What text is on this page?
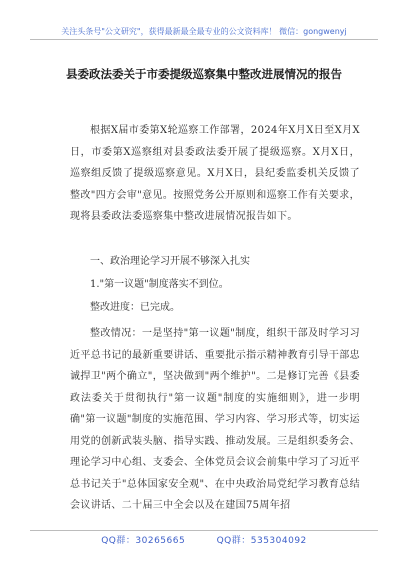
关注头条号"公文研究"，获得最新最全最专业的公文资料库！ 微信：gongwenyj
县委政法委关于市委提级巡察集中整改进展情况的报告
根据X届市委第X轮巡察工作部署，2024年X月X日至X月X日，市委第X巡察组对县委政法委开展了提级巡察。X月X日，巡察组反馈了提级巡察意见。X月X日，县纪委监委机关反馈了整改"四方会审"意见。按照党务公开原则和巡察工作有关要求，现将县委政法委巡察集中整改进展情况报告如下。
一、政治理论学习开展不够深入扎实
1."第一议题"制度落实不到位。
整改进度：已完成。
整改情况：一是坚持"第一议题"制度，组织干部及时学习习近平总书记的最新重要讲话、重要批示指示精神教育引导干部忠诚捍卫"两个确立"，坚决做到"两个维护"。二是修订完善《县委政法委关于贯彻执行"第一议题"制度的实施细则》，进一步明确"第一议题"制度的实施范围、学习内容、学习形式等，切实运用党的创新武装头脑、指导实践、推动发展。三是组织委务会、理论学习中心组、支委会、全体党员会议会前集中学习了习近平总书记关于"总体国家安全观"、在中央政治局党纪学习教育总结会议讲话、二十届三中全会以及在建国75周年招
QQ群：30265665	QQ群：535304092
